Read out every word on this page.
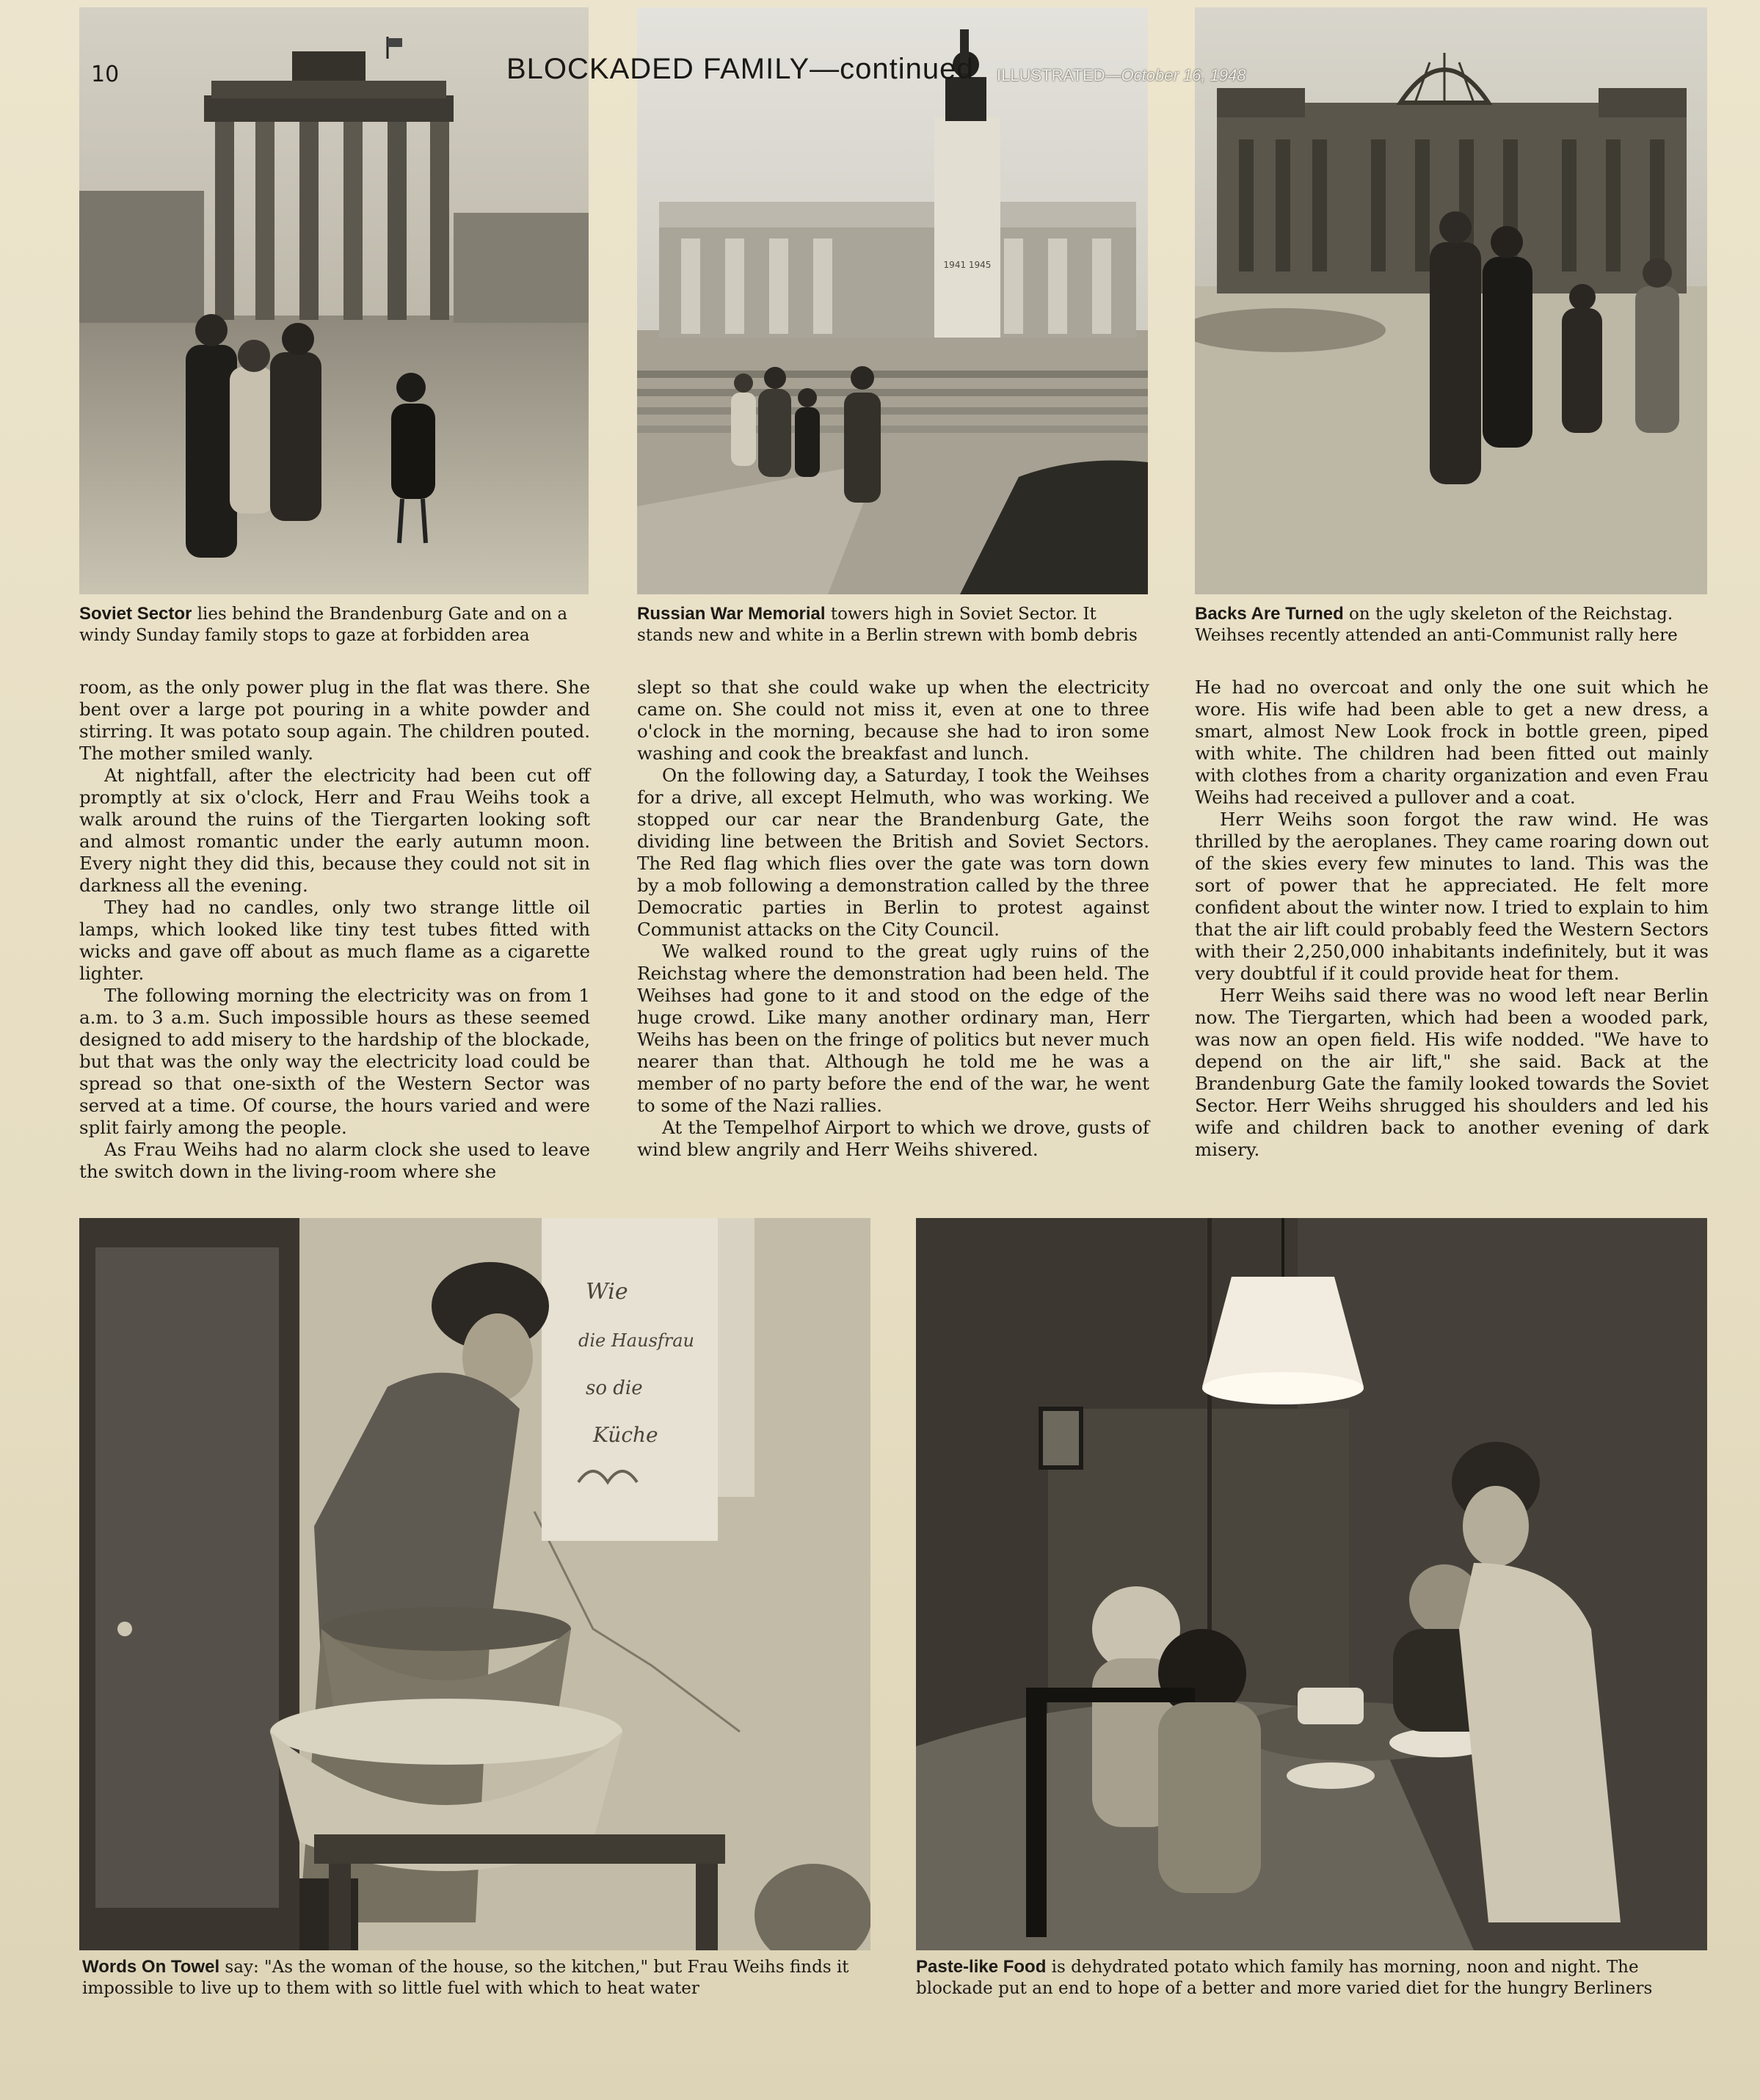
1941 1945
10	BLOCKADED FAMILY—continued ILLUSTRATED—October 16, 1948
Soviet Sector lies behind the Brandenburg Gate and on a windy Sunday family stops to gaze at forbidden area
Russian War Memorial towers high in Soviet Sector. It stands new and white in a Berlin strewn with bomb debris
Backs Are Turned on the ugly skeleton of the Reichstag. Weihses recently attended an anti-Communist rally here

room, as the only power plug in the flat was there. She bent over a large pot pouring in a white powder and stirring. It was potato soup again. The children pouted. The mother smiled wanly.

At nightfall, after the electricity had been cut off promptly at six o'clock, Herr and Frau Weihs took a walk around the ruins of the Tiergarten looking soft and almost romantic under the early autumn moon. Every night they did this, because they could not sit in darkness all the evening.

They had no candles, only two strange little oil lamps, which looked like tiny test tubes fitted with wicks and gave off about as much flame as a cigarette lighter.

The following morning the electricity was on from 1 a.m. to 3 a.m. Such impossible hours as these seemed designed to add misery to the hardship of the blockade, but that was the only way the electricity load could be spread so that one-sixth of the Western Sector was served at a time. Of course, the hours varied and were split fairly among the people.

As Frau Weihs had no alarm clock she used to leave the switch down in the living-room where she

slept so that she could wake up when the electricity came on. She could not miss it, even at one to three o'clock in the morning, because she had to iron some washing and cook the breakfast and lunch.

On the following day, a Saturday, I took the Weihses for a drive, all except Helmuth, who was working. We stopped our car near the Brandenburg Gate, the dividing line between the British and Soviet Sectors. The Red flag which flies over the gate was torn down by a mob following a demonstration called by the three Democratic parties in Berlin to protest against Communist attacks on the City Council.

We walked round to the great ugly ruins of the Reichstag where the demonstration had been held. The Weihses had gone to it and stood on the edge of the huge crowd. Like many another ordinary man, Herr Weihs has been on the fringe of politics but never much nearer than that. Although he told me he was a member of no party before the end of the war, he went to some of the Nazi rallies.

At the Tempelhof Airport to which we drove, gusts of wind blew angrily and Herr Weihs shivered.

He had no overcoat and only the one suit which he wore. His wife had been able to get a new dress, a smart, almost New Look frock in bottle green, piped with white. The children had been fitted out mainly with clothes from a charity organization and even Frau Weihs had received a pullover and a coat.

Herr Weihs soon forgot the raw wind. He was thrilled by the aeroplanes. They came roaring down out of the skies every few minutes to land. This was the sort of power that he appreciated. He felt more confident about the winter now. I tried to explain to him that the air lift could probably feed the Western Sectors with their 2,250,000 inhabitants indefinitely, but it was very doubtful if it could provide heat for them.

Herr Weihs said there was no wood left near Berlin now. The Tiergarten, which had been a wooded park, was now an open field. His wife nodded. "We have to depend on the air lift," she said. Back at the Brandenburg Gate the family looked towards the Soviet Sector. Herr Weihs shrugged his shoulders and led his wife and children back to another evening of dark misery.

Wie
die Hausfrau
so die
Küche
Words On Towel say: "As the woman of the house, so the kitchen," but Frau Weihs finds it impossible to live up to them with so little fuel with which to heat water
Paste-like Food is dehydrated potato which family has morning, noon and night. The blockade put an end to hope of a better and more varied diet for the hungry Berliners
